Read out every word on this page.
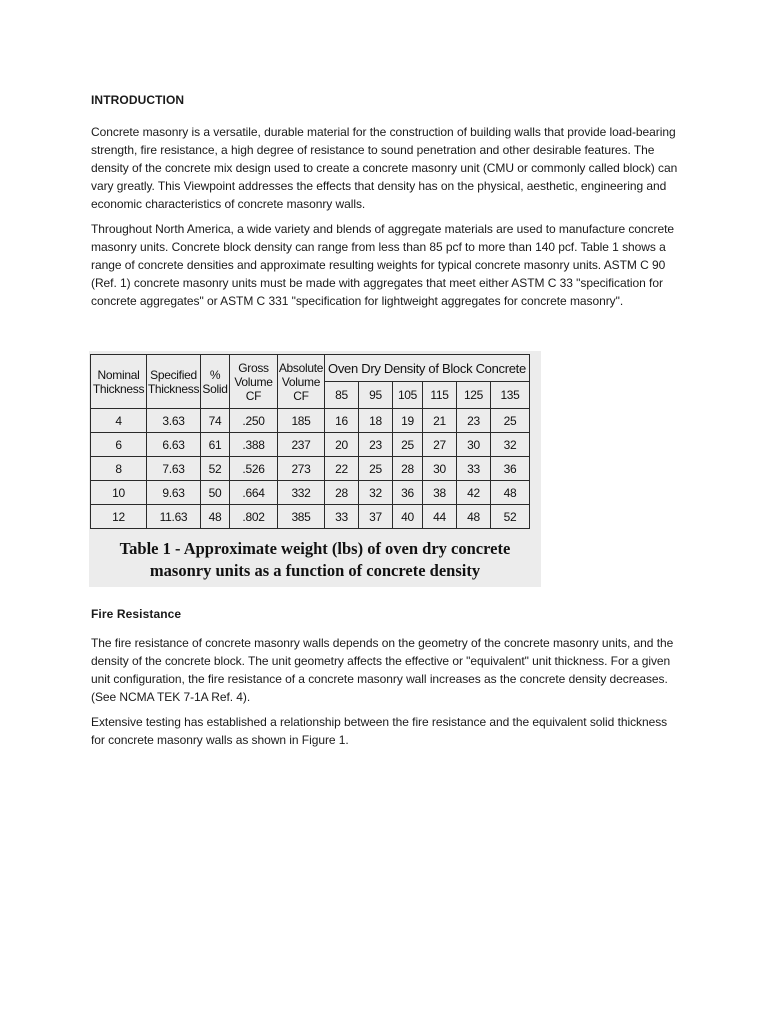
INTRODUCTION

Concrete masonry is a versatile, durable material for the construction of building walls that provide load-bearing strength, fire resistance, a high degree of resistance to sound penetration and other desirable features. The density of the concrete mix design used to create a concrete masonry unit (CMU or commonly called block) can vary greatly. This Viewpoint addresses the effects that density has on the physical, aesthetic, engineering and economic characteristics of concrete masonry walls.

Throughout North America, a wide variety and blends of aggregate materials are used to manufacture concrete masonry units. Concrete block density can range from less than 85 pcf to more than 140 pcf. Table 1 shows a range of concrete densities and approximate resulting weights for typical concrete masonry units. ASTM C 90 (Ref. 1) concrete masonry units must be made with aggregates that meet either ASTM C 33 "specification for concrete aggregates" or ASTM C 331 "specification for lightweight aggregates for concrete masonry".

Nominal Thickness	Specified Thickness	% Solid	Gross Volume CF	Absolute Volume CF	Oven Dry Density of Block Concrete					
					85	95	105	115	125	135
4	3.63	74	.250	185	16	18	19	21	23	25
6	6.63	61	.388	237	20	23	25	27	30	32
8	7.63	52	.526	273	22	25	28	30	33	36
10	9.63	50	.664	332	28	32	36	38	42	48
12	11.63	48	.802	385	33	37	40	44	48	52

Table 1 - Approximate weight (lbs) of oven dry concrete masonry units as a function of concrete density

Fire Resistance

The fire resistance of concrete masonry walls depends on the geometry of the concrete masonry units, and the density of the concrete block. The unit geometry affects the effective or "equivalent" unit thickness. For a given unit configuration, the fire resistance of a concrete masonry wall increases as the concrete density decreases. (See NCMA TEK 7-1A Ref. 4).

Extensive testing has established a relationship between the fire resistance and the equivalent solid thickness for concrete masonry walls as shown in Figure 1.
